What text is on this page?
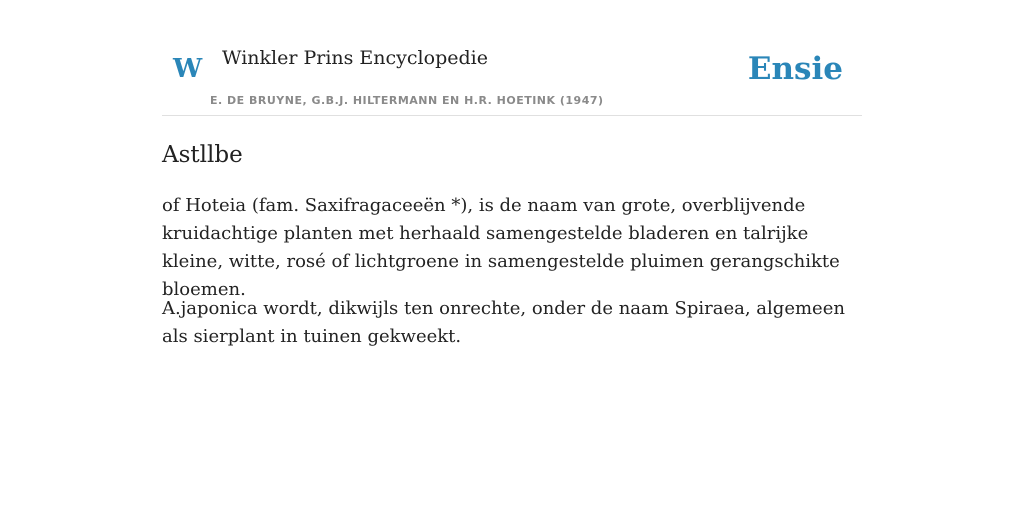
W Winkler Prins Encyclopedie
E. DE BRUYNE, G.B.J. HILTERMANN EN H.R. HOETINK (1947)
Ensie
Astllbe

of Hoteia (fam. Saxifragaceeën *), is de naam van grote, overblijvende kruidachtige planten met herhaald samengestelde bladeren en talrijke kleine, witte, rosé of lichtgroene in samengestelde pluimen gerangschikte bloemen.

A.japonica wordt, dikwijls ten onrechte, onder de naam Spiraea, algemeen als sierplant in tuinen gekweekt.
